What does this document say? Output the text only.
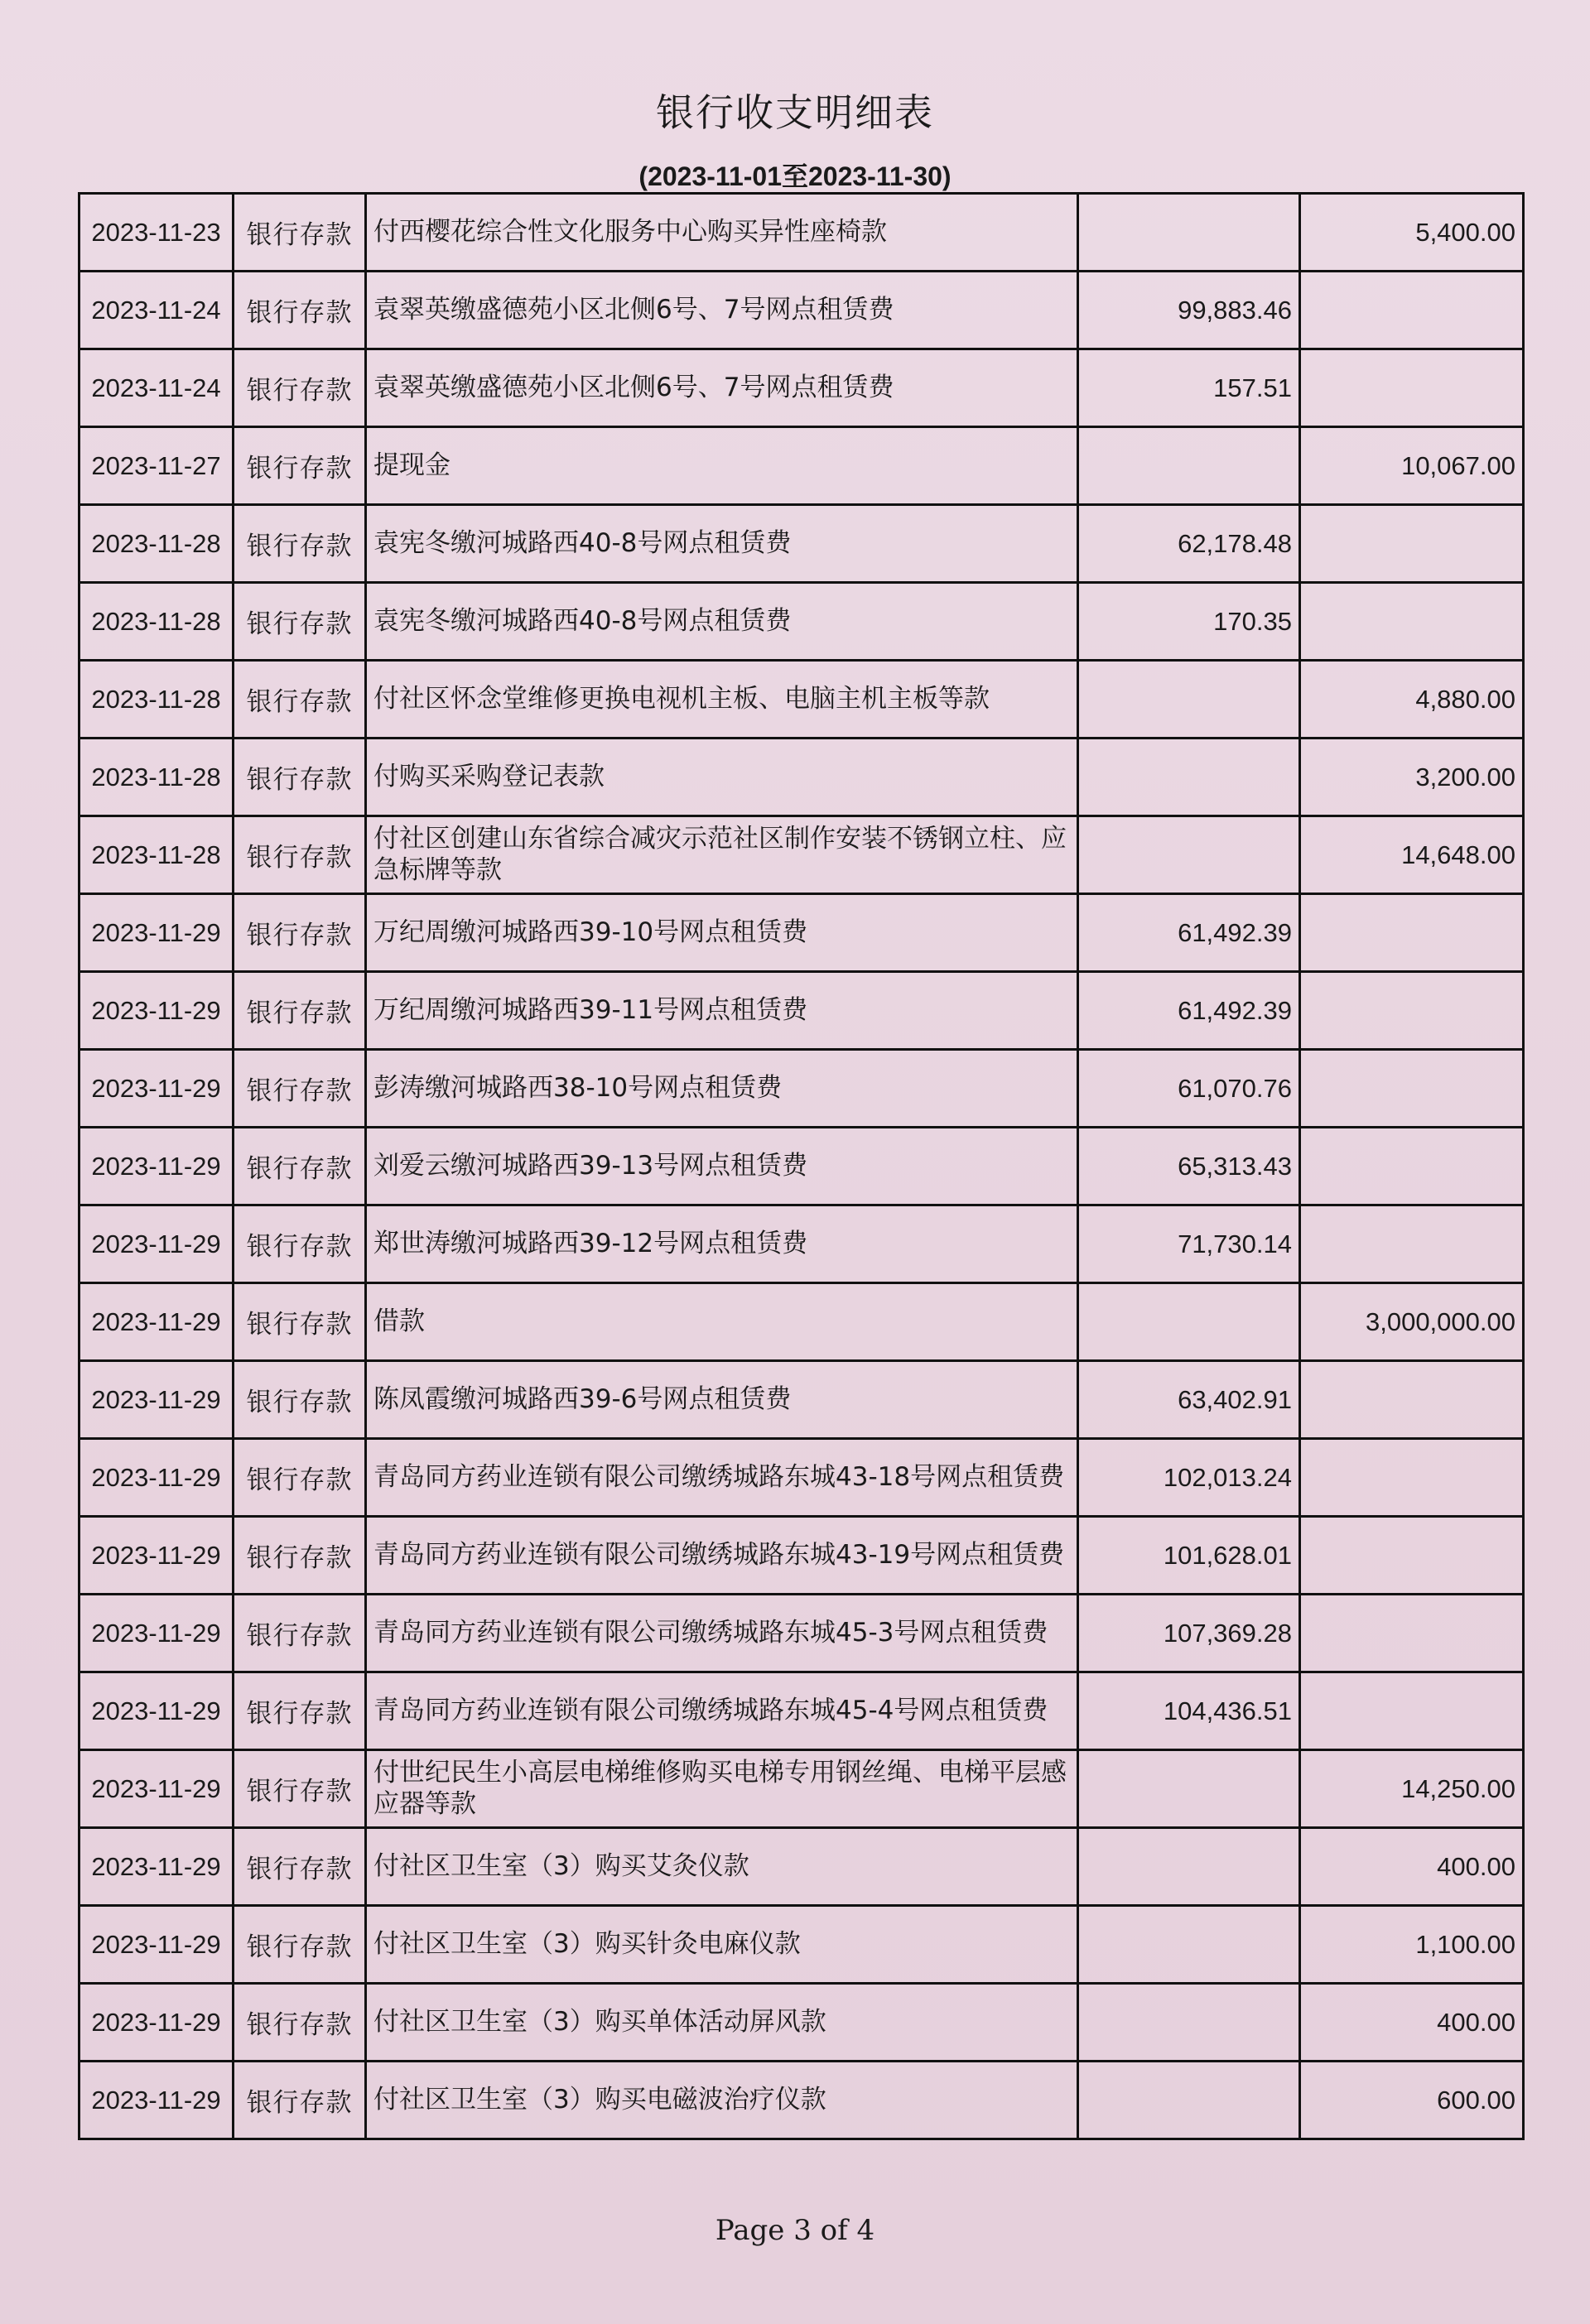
银行收支明细表
(2023-11-01至2023-11-30)
2023-11-23	银行存款	付西樱花综合性文化服务中心购买异性座椅款		5,400.00
2023-11-24	银行存款	袁翠英缴盛德苑小区北侧6号、7号网点租赁费	99,883.46	
2023-11-24	银行存款	袁翠英缴盛德苑小区北侧6号、7号网点租赁费	157.51	
2023-11-27	银行存款	提现金		10,067.00
2023-11-28	银行存款	袁宪冬缴河城路西40-8号网点租赁费	62,178.48	
2023-11-28	银行存款	袁宪冬缴河城路西40-8号网点租赁费	170.35	
2023-11-28	银行存款	付社区怀念堂维修更换电视机主板、电脑主机主板等款		4,880.00
2023-11-28	银行存款	付购买采购登记表款		3,200.00
2023-11-28	银行存款	付社区创建山东省综合减灾示范社区制作安装不锈钢立柱、应急标牌等款		14,648.00
2023-11-29	银行存款	万纪周缴河城路西39-10号网点租赁费	61,492.39	
2023-11-29	银行存款	万纪周缴河城路西39-11号网点租赁费	61,492.39	
2023-11-29	银行存款	彭涛缴河城路西38-10号网点租赁费	61,070.76	
2023-11-29	银行存款	刘爱云缴河城路西39-13号网点租赁费	65,313.43	
2023-11-29	银行存款	郑世涛缴河城路西39-12号网点租赁费	71,730.14	
2023-11-29	银行存款	借款		3,000,000.00
2023-11-29	银行存款	陈凤霞缴河城路西39-6号网点租赁费	63,402.91	
2023-11-29	银行存款	青岛同方药业连锁有限公司缴绣城路东城43-18号网点租赁费	102,013.24	
2023-11-29	银行存款	青岛同方药业连锁有限公司缴绣城路东城43-19号网点租赁费	101,628.01	
2023-11-29	银行存款	青岛同方药业连锁有限公司缴绣城路东城45-3号网点租赁费	107,369.28	
2023-11-29	银行存款	青岛同方药业连锁有限公司缴绣城路东城45-4号网点租赁费	104,436.51	
2023-11-29	银行存款	付世纪民生小高层电梯维修购买电梯专用钢丝绳、电梯平层感应器等款		14,250.00
2023-11-29	银行存款	付社区卫生室（3）购买艾灸仪款		400.00
2023-11-29	银行存款	付社区卫生室（3）购买针灸电麻仪款		1,100.00
2023-11-29	银行存款	付社区卫生室（3）购买单体活动屏风款		400.00
2023-11-29	银行存款	付社区卫生室（3）购买电磁波治疗仪款		600.00
Page 3 of 4
